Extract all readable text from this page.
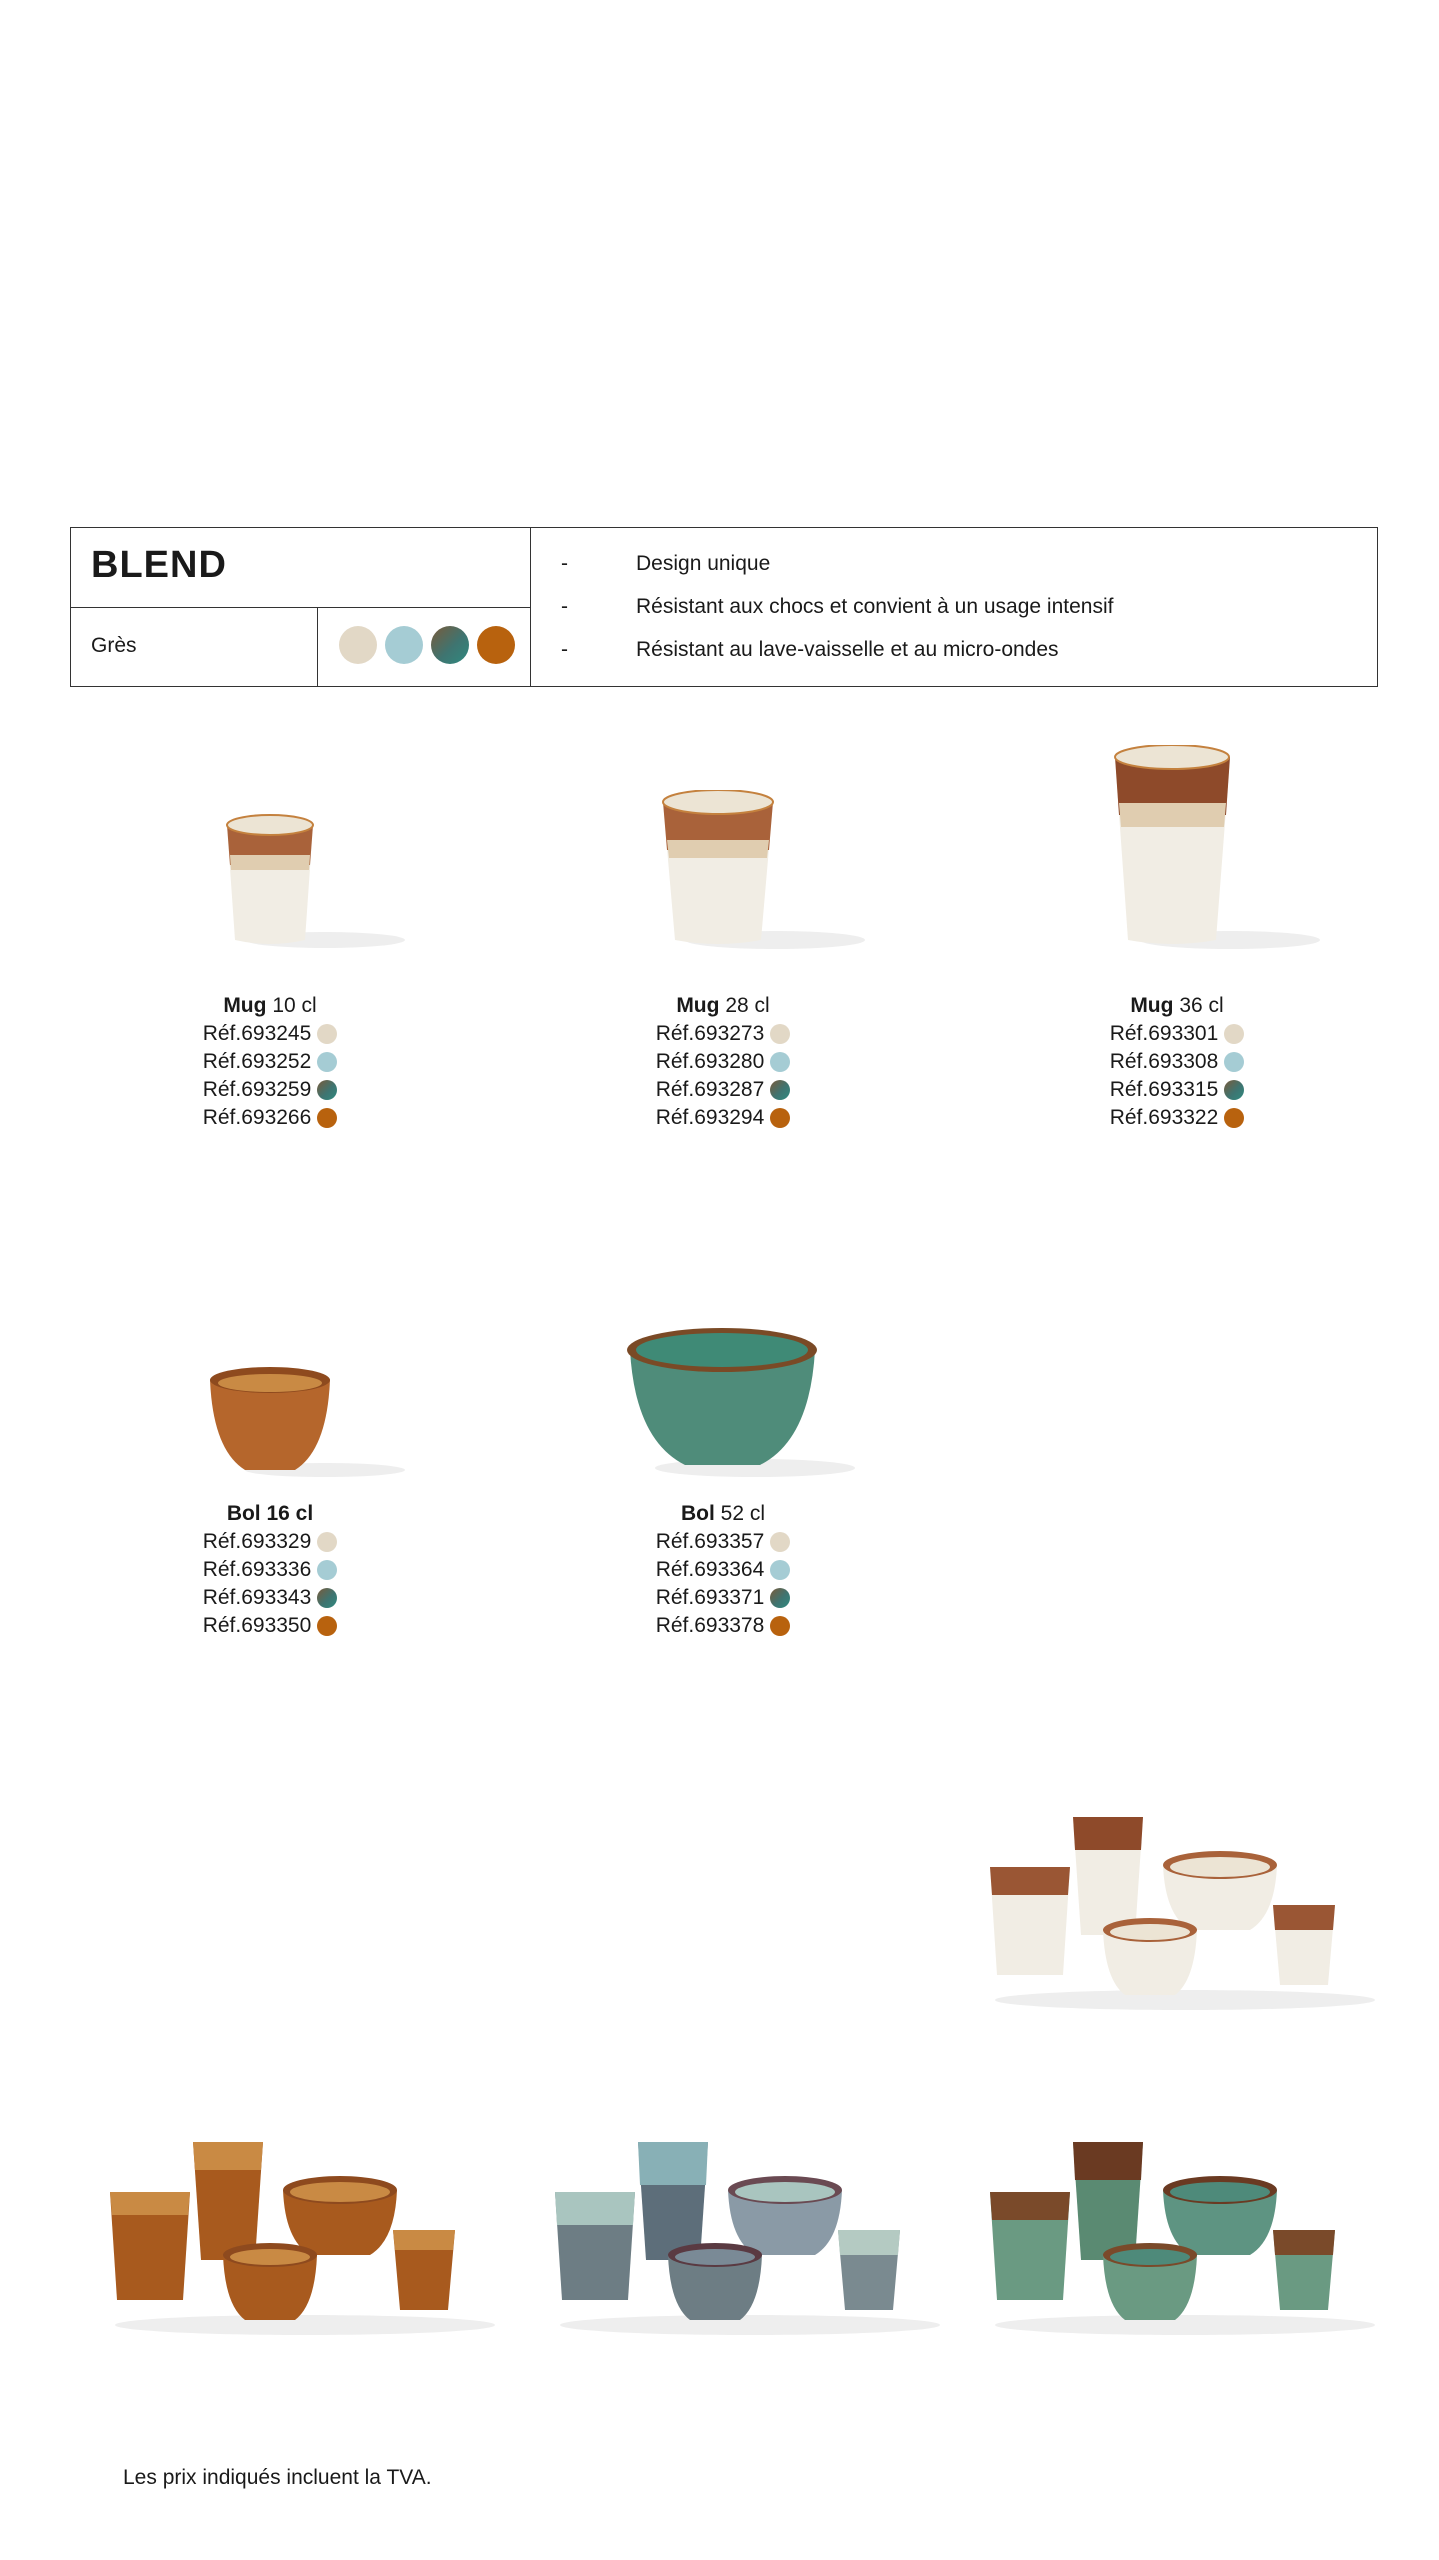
BLEND
Grès
-	Design unique
-	Résistant aux chocs et convient à un usage intensif
-	Résistant au lave-vaisselle et au micro-ondes
Mug 10 cl
Réf.693245
Réf.693252
Réf.693259
Réf.693266
Mug 28 cl
Réf.693273
Réf.693280
Réf.693287
Réf.693294
Mug 36 cl
Réf.693301
Réf.693308
Réf.693315
Réf.693322
Bol 16 cl
Réf.693329
Réf.693336
Réf.693343
Réf.693350
Bol 52 cl
Réf.693357
Réf.693364
Réf.693371
Réf.693378
Les prix indiqués incluent la TVA.
